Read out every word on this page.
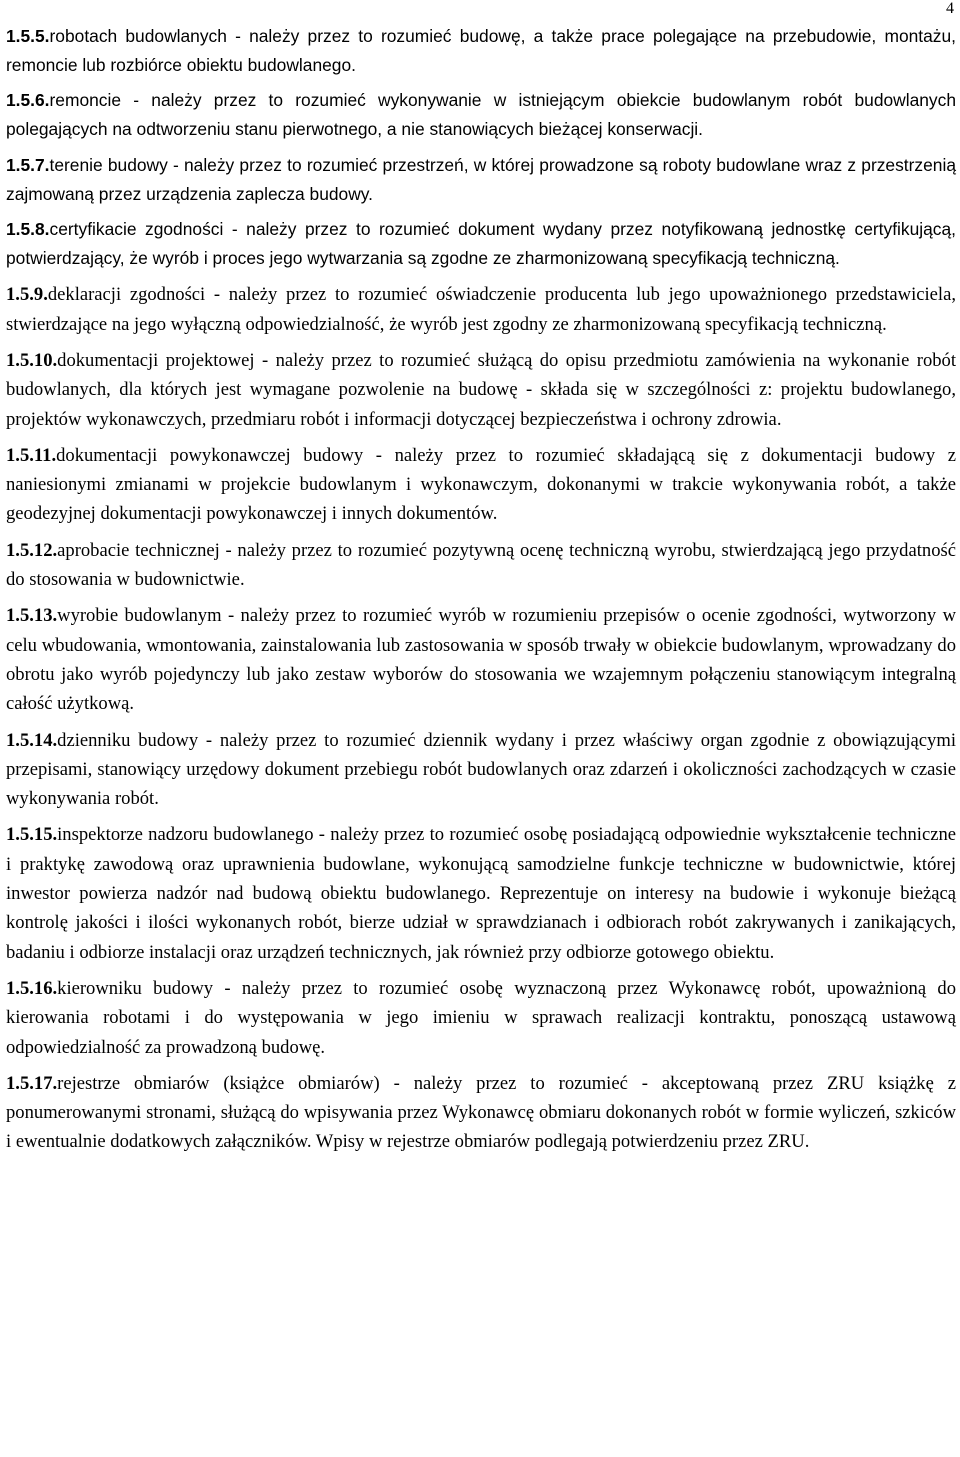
4

1.5.5.robotach budowlanych - należy przez to rozumieć budowę, a także prace polegające na przebudowie, montażu, remoncie lub rozbiórce obiektu budowlanego.

1.5.6.remoncie - należy przez to rozumieć wykonywanie w istniejącym obiekcie budowlanym robót budowlanych polegających na odtworzeniu stanu pierwotnego, a nie stanowiących bieżącej konserwacji.

1.5.7.terenie budowy - należy przez to rozumieć przestrzeń, w której prowadzone są roboty budowlane wraz z przestrzenią zajmowaną przez urządzenia zaplecza budowy.

1.5.8.certyfikacie zgodności - należy przez to rozumieć dokument wydany przez notyfikowaną jednostkę certyfikującą, potwierdzający, że wyrób i proces jego wytwarzania są zgodne ze zharmonizowaną specyfikacją techniczną.

1.5.9.deklaracji zgodności - należy przez to rozumieć oświadczenie producenta lub jego upoważnionego przedstawiciela, stwierdzające na jego wyłączną odpowiedzialność, że wyrób jest zgodny ze zharmonizowaną specyfikacją techniczną.

1.5.10.dokumentacji projektowej - należy przez to rozumieć służącą do opisu przedmiotu zamówienia na wykonanie robót budowlanych, dla których jest wymagane pozwolenie na budowę - składa się w szczególności z: projektu budowlanego, projektów wykonawczych, przedmiaru robót i informacji dotyczącej bezpieczeństwa i ochrony zdrowia.

1.5.11.dokumentacji powykonawczej budowy - należy przez to rozumieć składającą się z dokumentacji budowy z naniesionymi zmianami w projekcie budowlanym i wykonawczym, dokonanymi w trakcie wykonywania robót, a także geodezyjnej dokumentacji powykonawczej i innych dokumentów.

1.5.12.aprobacie technicznej - należy przez to rozumieć pozytywną ocenę techniczną wyrobu, stwierdzającą jego przydatność do stosowania w budownictwie.

1.5.13.wyrobie budowlanym - należy przez to rozumieć wyrób w rozumieniu przepisów o ocenie zgodności, wytworzony w celu wbudowania, wmontowania, zainstalowania lub zastosowania w sposób trwały w obiekcie budowlanym, wprowadzany do obrotu jako wyrób pojedynczy lub jako zestaw wyborów do stosowania we wzajemnym połączeniu stanowiącym integralną całość użytkową.

1.5.14.dzienniku budowy - należy przez to rozumieć dziennik wydany i przez właściwy organ zgodnie z obowiązującymi przepisami, stanowiący urzędowy dokument przebiegu robót budowlanych oraz zdarzeń i okoliczności zachodzących w czasie wykonywania robót.

1.5.15.inspektorze nadzoru budowlanego - należy przez to rozumieć osobę posiadającą odpowiednie wykształcenie techniczne i praktykę zawodową oraz uprawnienia budowlane, wykonującą samodzielne funkcje techniczne w budownictwie, której inwestor powierza nadzór nad budową obiektu budowlanego. Reprezentuje on interesy na budowie i wykonuje bieżącą kontrolę jakości i ilości wykonanych robót, bierze udział w sprawdzianach i odbiorach robót zakrywanych i zanikających, badaniu i odbiorze instalacji oraz urządzeń technicznych, jak również przy odbiorze gotowego obiektu.

1.5.16.kierowniku budowy - należy przez to rozumieć osobę wyznaczoną przez Wykonawcę robót, upoważnioną do kierowania robotami i do występowania w jego imieniu w sprawach realizacji kontraktu, ponoszącą ustawową odpowiedzialność za prowadzoną budowę.

1.5.17.rejestrze obmiarów (książce obmiarów) - należy przez to rozumieć - akceptowaną przez ZRU książkę z ponumerowanymi stronami, służącą do wpisywania przez Wykonawcę obmiaru dokonanych robót w formie wyliczeń, szkiców i ewentualnie dodatkowych załączników. Wpisy w rejestrze obmiarów podlegają potwierdzeniu przez ZRU.
